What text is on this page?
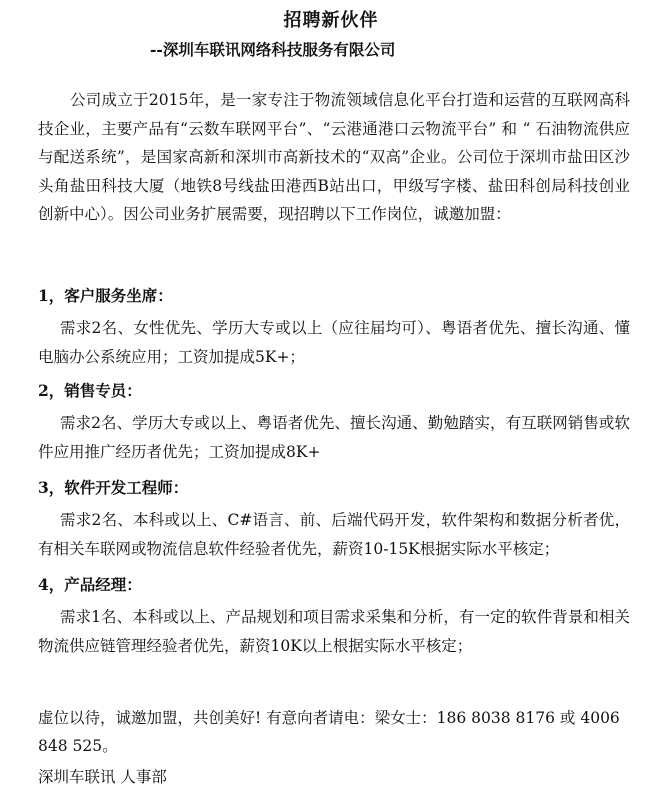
招聘新伙伴
--深圳车联讯网络科技服务有限公司
公司成立于2015年，是一家专注于物流领域信息化平台打造和运营的互联网高科技企业，主要产品有“云数车联网平台”、“云港通港口云物流平台” 和 “ 石油物流供应与配送系统”，是国家高新和深圳市高新技术的“双高”企业。公司位于深圳市盐田区沙头角盐田科技大厦（地铁8号线盐田港西B站出口，甲级写字楼、盐田科创局科技创业创新中心）。因公司业务扩展需要，现招聘以下工作岗位，诚邀加盟：
1，客户服务坐席：
需求2名、女性优先、学历大专或以上（应往届均可）、粤语者优先、擅长沟通、懂电脑办公系统应用；工资加提成5K+；
2，销售专员：
需求2名、学历大专或以上、粤语者优先、擅长沟通、勤勉踏实，有互联网销售或软件应用推广经历者优先；工资加提成8K+
3，软件开发工程师：
需求2名、本科或以上、C#语言、前、后端代码开发，软件架构和数据分析者优，有相关车联网或物流信息软件经验者优先，薪资10-15K根据实际水平核定；
4，产品经理：
需求1名、本科或以上、产品规划和项目需求采集和分析，有一定的软件背景和相关物流供应链管理经验者优先，薪资10K以上根据实际水平核定；
虚位以待，诚邀加盟，共创美好! 有意向者请电：梁女士：186 8038 8176 或 4006 848 525。
深圳车联讯 人事部
